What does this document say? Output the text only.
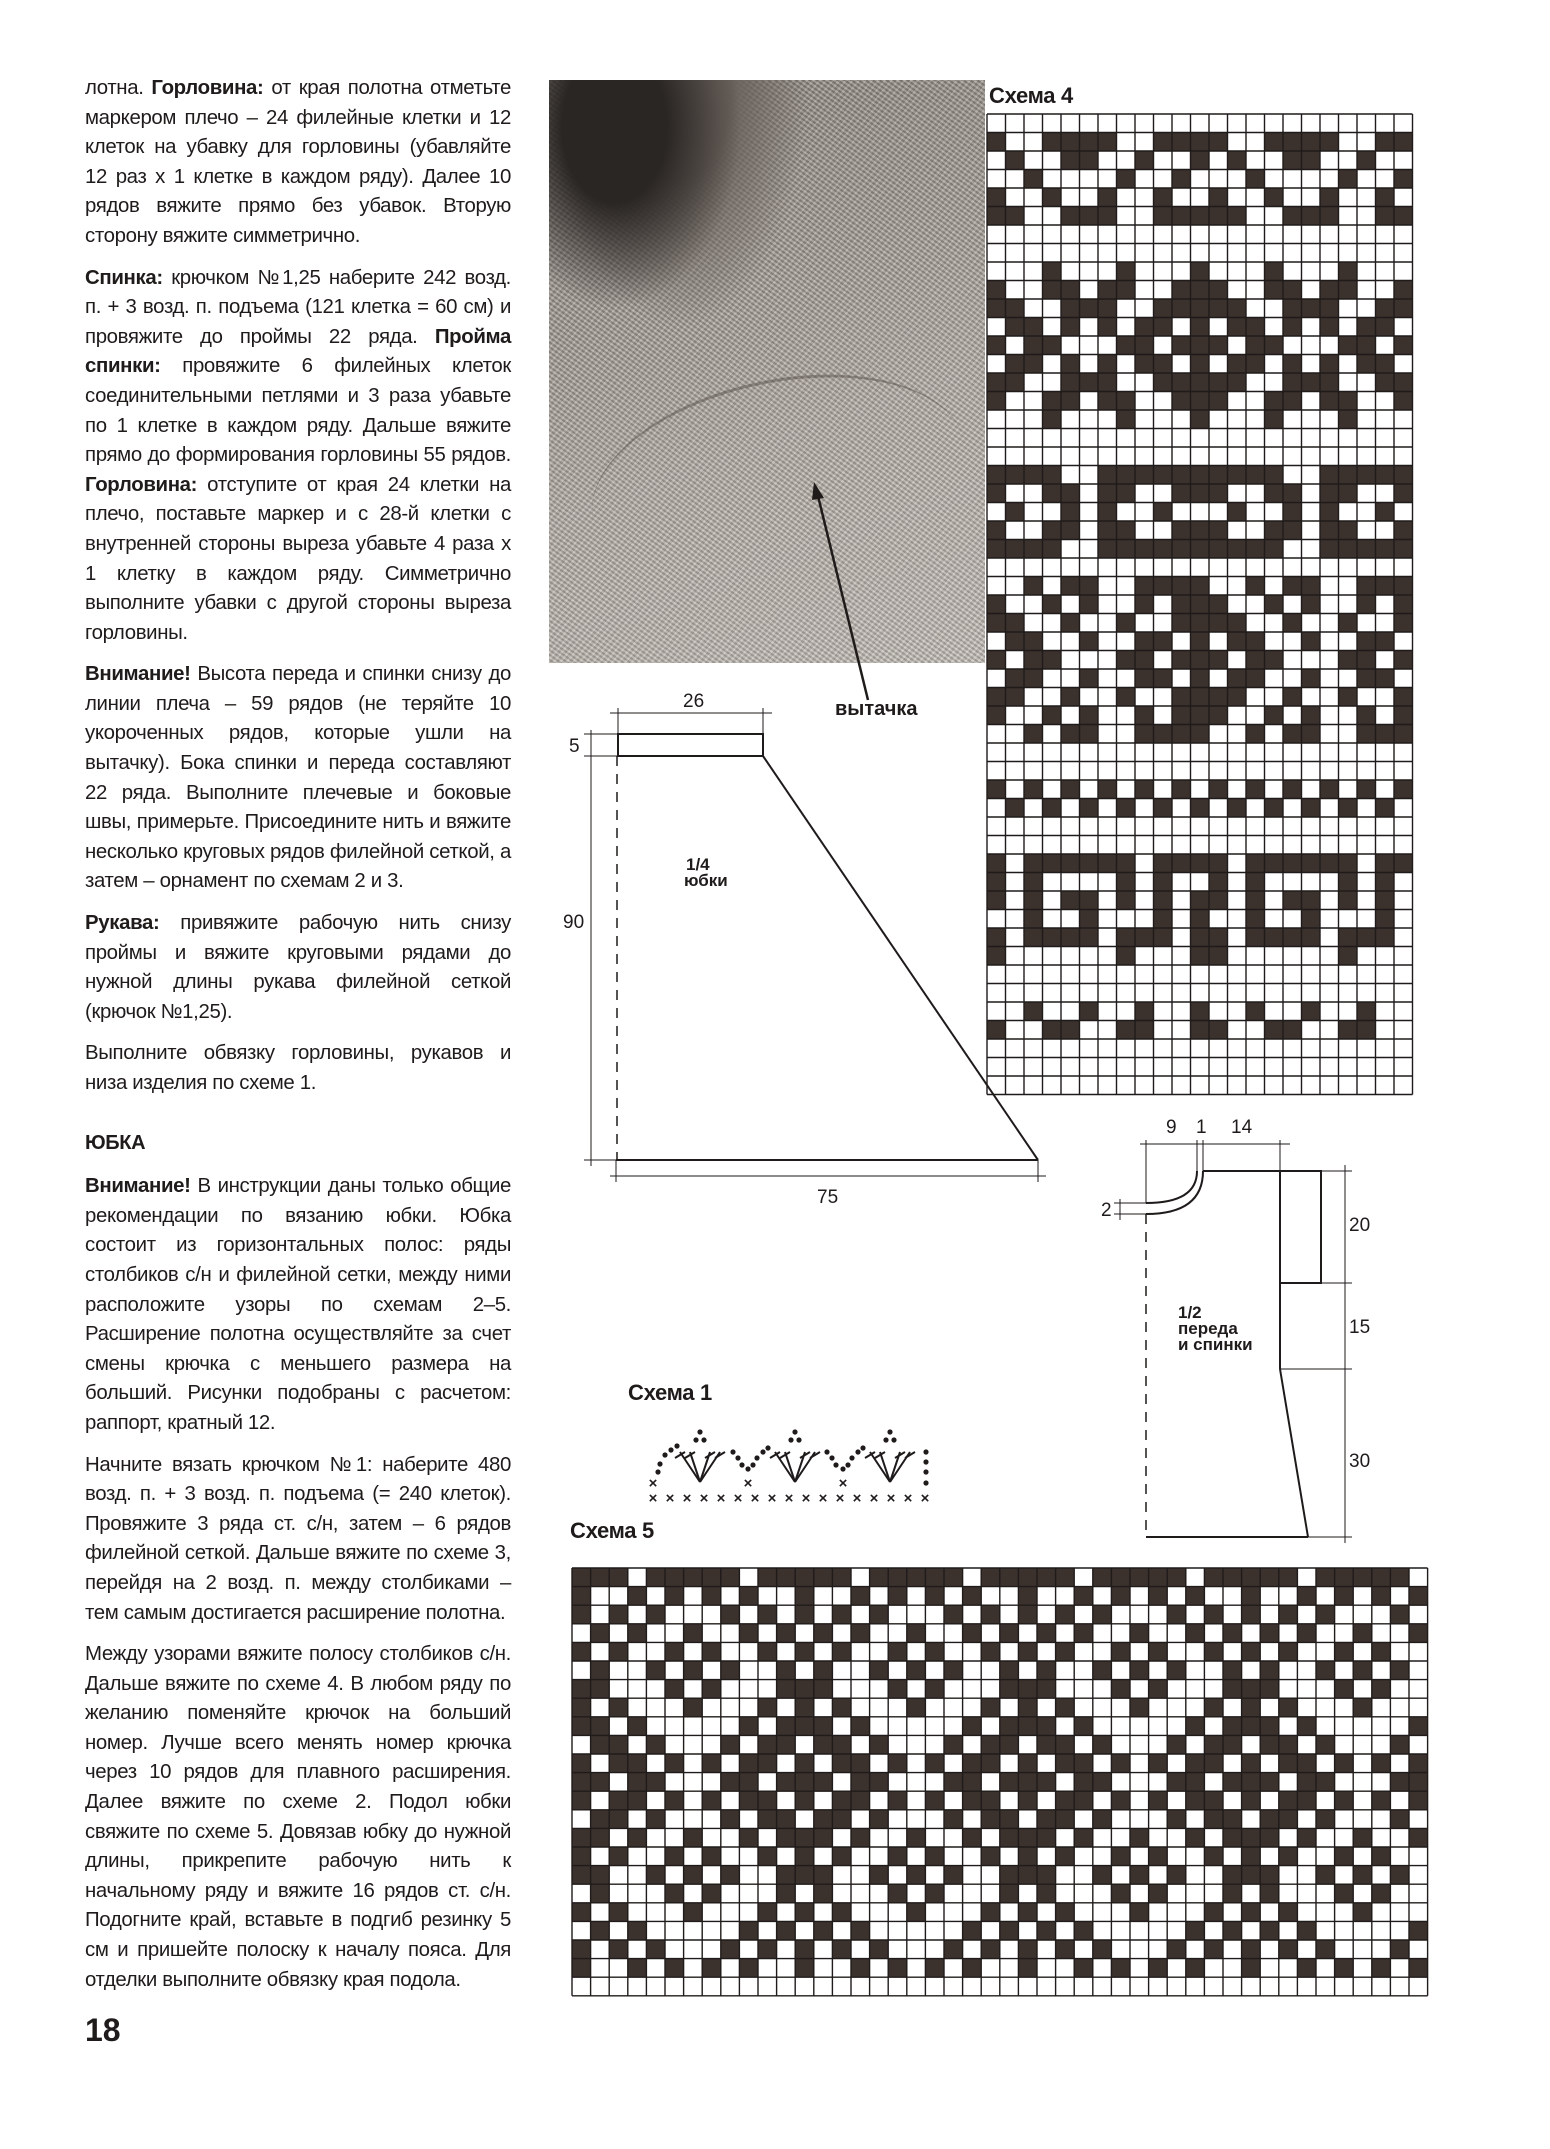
лотна. Горловина: от края полотна отметьте маркером плечо – 24 филейные клетки и 12 клеток на убавку для горловины (убавляйте 12 раз х 1 клетке в каждом ряду). Далее 10 рядов вяжите прямо без убавок. Вторую сторону вяжите симметрично.

Спинка: крючком №1,25 наберите 242 возд. п. + 3 возд. п. подъема (121 клетка = 60 см) и провяжите до проймы 22 ряда. Пройма спинки: провяжите 6 филейных клеток соединительными петлями и 3 раза убавьте по 1 клетке в каждом ряду. Дальше вяжите прямо до формирования горловины 55 рядов. Горловина: отступите от края 24 клетки на плечо, поставьте маркер и с 28-й клетки с внутренней стороны выреза убавьте 4 раза х 1 клетку в каждом ряду. Симметрично выполните убавки с другой стороны выреза горловины.

Внимание! Высота переда и спинки снизу до линии плеча – 59 рядов (не теряйте 10 укороченных рядов, которые ушли на вытачку). Бока спинки и переда составляют 22 ряда. Выполните плечевые и боковые швы, примерьте. Присоедините нить и вяжите несколько круговых рядов филейной сеткой, а затем – орнамент по схемам 2 и 3.

Рукава: привяжите рабочую нить снизу проймы и вяжите круговыми рядами до нужной длины рукава филейной сеткой (крючок №1,25).

Выполните обвязку горловины, рукавов и низа изделия по схеме 1.

ЮБКА

Внимание! В инструкции даны только общие рекомендации по вязанию юбки. Юбка состоит из горизонтальных полос: ряды столбиков с/н и филейной сетки, между ними расположите узоры по схемам 2–5. Расширение полотна осуществляйте за счет смены крючка с меньшего размера на больший. Рисунки подобраны с расчетом: раппорт, кратный 12.

Начните вязать крючком №1: наберите 480 возд. п. + 3 возд. п. подъема (= 240 клеток). Провяжите 3 ряда ст. с/н, затем – 6 рядов филейной сеткой. Дальше вяжите по схеме 3, перейдя на 2 возд. п. между столбиками – тем самым достигается расширение полотна.

Между узорами вяжите полосу столбиков с/н. Дальше вяжите по схеме 4. В любом ряду по желанию поменяйте крючок на больший номер. Лучше всего менять номер крючка через 10 рядов для плавного расширения. Далее вяжите по схеме 2. Подол юбки свяжите по схеме 5. Довязав юбку до нужной длины, прикрепите рабочую нить к начальному ряду и вяжите 16 рядов ст. с/н. Подогните край, вставьте в подгиб резинку 5 см и пришейте полоску к началу пояса. Для отделки выполните обвязку края подола.

18
вытачка
Схема 4
26
5
90
75
1/4
юбки
9 1 14
2
20
15
30
1/2
переда
и спинки
Схема 1
× × × × × × × × × × × × × × × × ×
×	×	×
Схема 5
